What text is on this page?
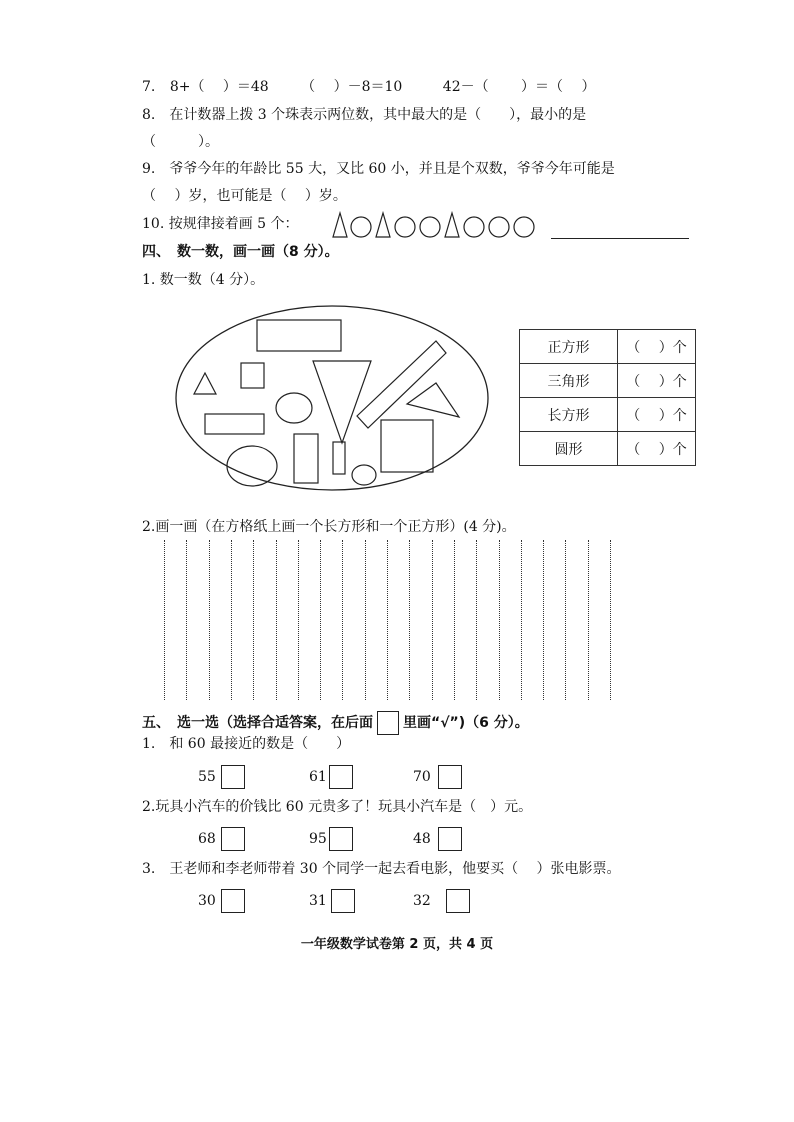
7. 8+（　 ）＝48 （　 ）－8＝10	42－（　　 ）＝（　 ）
8.　在计数器上拨 3 个珠表示两位数，其中最大的是（　　），最小的是
（　　　）。
9.　爷爷今年的年龄比 55 大，又比 60 小，并且是个双数，爷爷今年可能是
（　 ）岁，也可能是（　 ）岁。
10. 按规律接着画 5 个：
四、　数一数，画一画（8 分）。
1. 数一数（4 分）。
正方形	（　 ）个
三角形	（　 ）个
长方形	（　 ）个
圆形	（　 ）个
2.画一画（在方格纸上画一个长方形和一个正方形）(4 分)。
五、　选一选（选择合适答案，在后面 里画“√”)（6 分）。
1.　和 60 最接近的数是（　　）
55	61	70
2.玩具小汽车的价钱比 60 元贵多了！玩具小汽车是（　）元。
68	95	48
3.　王老师和李老师带着 30 个同学一起去看电影，他要买（　 ）张电影票。
30	31	32
一年级数学试卷第 2 页，共 4 页
